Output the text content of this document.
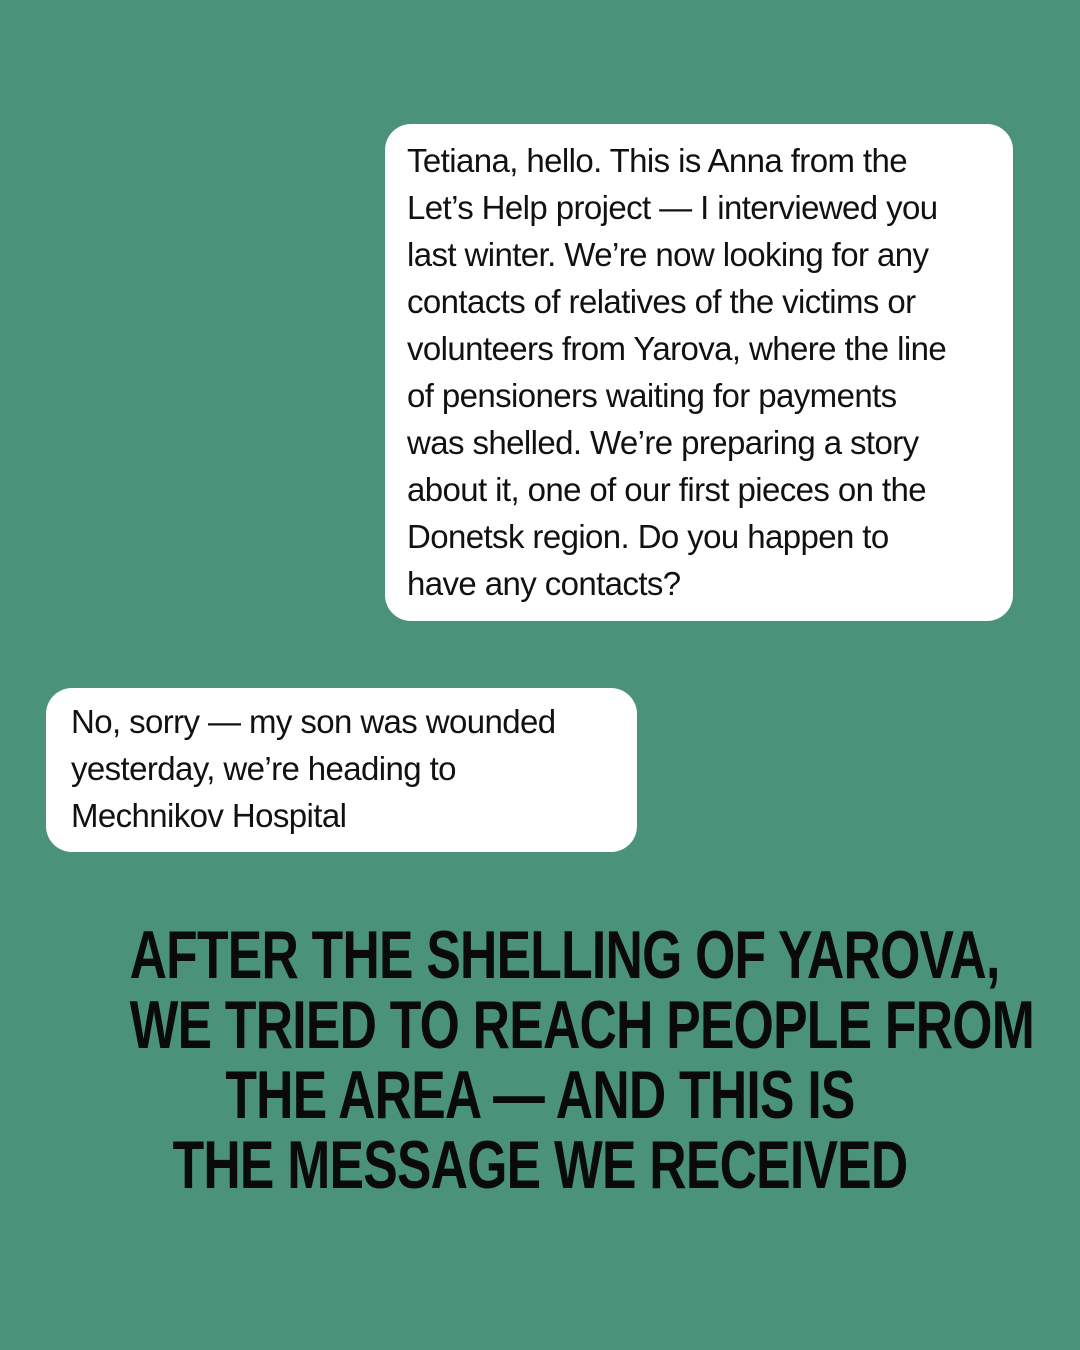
Tetiana, hello. This is Anna from the
Let’s Help project — I interviewed you
last winter. We’re now looking for any
contacts of relatives of the victims or
volunteers from Yarova, where the line
of pensioners waiting for payments
was shelled. We’re preparing a story
about it, one of our first pieces on the
Donetsk region. Do you happen to
have any contacts?
No, sorry — my son was wounded
yesterday, we’re heading to
Mechnikov Hospital
AFTER THE SHELLING OF YAROVA,
WE TRIED TO REACH PEOPLE FROM
THE AREA — AND THIS IS
THE MESSAGE WE RECEIVED
